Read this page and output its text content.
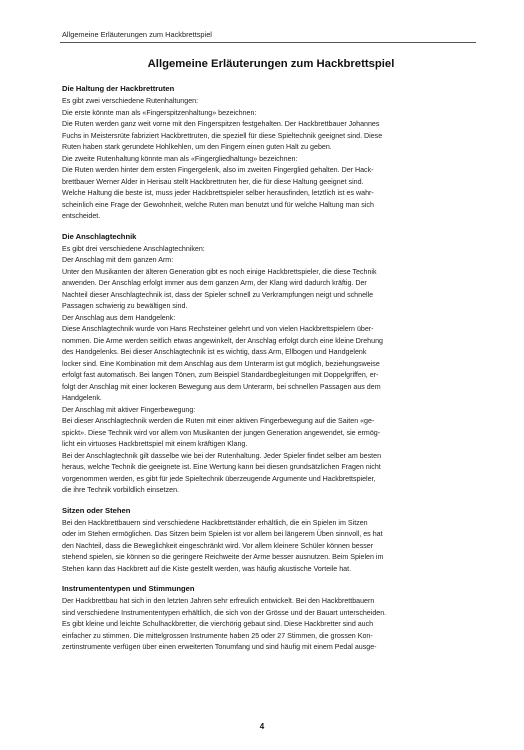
Allgemeine Erläuterungen zum Hackbrettspiel
Allgemeine Erläuterungen zum Hackbrettspiel
Die Haltung der Hackbrettruten

Es gibt zwei verschiedene Rutenhaltungen:

Die erste könnte man als «Fingerspitzenhaltung» bezeichnen:

Die Ruten werden ganz weit vorne mit den Fingerspitzen festgehalten. Der Hackbrettbauer Johannes

Fuchs in Meistersrüte fabriziert Hackbrettruten, die speziell für diese Spieltechnik geeignet sind. Diese

Ruten haben stark gerundete Hohlkehlen, um den Fingern einen guten Halt zu geben.

Die zweite Rutenhaltung könnte man als «Fingergliedhaltung» bezeichnen:

Die Ruten werden hinter dem ersten Fingergelenk, also im zweiten Fingerglied gehalten. Der Hack-

brettbauer Werner Alder in Herisau stellt Hackbrettruten her, die für diese Haltung geeignet sind.

Welche Haltung die beste ist, muss jeder Hackbrettspieler selber herausfinden, letztlich ist es wahr-

scheinlich eine Frage der Gewohnheit, welche Ruten man benutzt und für welche Haltung man sich

entscheidet.

Die Anschlagtechnik

Es gibt drei verschiedene Anschlagtechniken:

Der Anschlag mit dem ganzen Arm:

Unter den Musikanten der älteren Generation gibt es noch einige Hackbrettspieler, die diese Technik

anwenden. Der Anschlag erfolgt immer aus dem ganzen Arm, der Klang wird dadurch kräftig. Der

Nachteil dieser Anschlagtechnik ist, dass der Spieler schnell zu Verkrampfungen neigt und schnelle

Passagen schwierig zu bewältigen sind.

Der Anschlag aus dem Handgelenk:

Diese Anschlagtechnik wurde von Hans Rechsteiner gelehrt und von vielen Hackbrettspielern über-

nommen. Die Arme werden seitlich etwas angewinkelt, der Anschlag erfolgt durch eine kleine Drehung

des Handgelenks. Bei dieser Anschlagtechnik ist es wichtig, dass Arm, Ellbogen und Handgelenk

locker sind. Eine Kombination mit dem Anschlag aus dem Unterarm ist gut möglich, beziehungsweise

erfolgt fast automatisch. Bei langen Tönen, zum Beispiel Standardbegleitungen mit Doppelgriffen, er-

folgt der Anschlag mit einer lockeren Bewegung aus dem Unterarm, bei schnellen Passagen aus dem

Handgelenk.

Der Anschlag mit aktiver Fingerbewegung:

Bei dieser Anschlagtechnik werden die Ruten mit einer aktiven Fingerbewegung auf die Saiten «ge-

spickt». Diese Technik wird vor allem von Musikanten der jungen Generation angewendet, sie ermög-

licht ein virtuoses Hackbrettspiel mit einem kräftigen Klang.

Bei der Anschlagtechnik gilt dasselbe wie bei der Rutenhaltung. Jeder Spieler findet selber am besten

heraus, welche Technik die geeignete ist. Eine Wertung kann bei diesen grundsätzlichen Fragen nicht

vorgenommen werden, es gibt für jede Spieltechnik überzeugende Argumente und Hackbrettspieler,

die ihre Technik vorbildlich einsetzen.

Sitzen oder Stehen

Bei den Hackbrettbauern sind verschiedene Hackbrettständer erhältlich, die ein Spielen im Sitzen

oder im Stehen ermöglichen. Das Sitzen beim Spielen ist vor allem bei längerem Üben sinnvoll, es hat

den Nachteil, dass die Beweglichkeit eingeschränkt wird. Vor allem kleinere Schüler können besser

stehend spielen, sie können so die geringere Reichweite der Arme besser ausnutzen. Beim Spielen im

Stehen kann das Hackbrett auf die Kiste gestellt werden, was häufig akustische Vorteile hat.

Instrumententypen und Stimmungen

Der Hackbrettbau hat sich in den letzten Jahren sehr erfreulich entwickelt. Bei den Hackbrettbauern

sind verschiedene Instrumententypen erhältlich, die sich von der Grösse und der Bauart unterscheiden.

Es gibt kleine und leichte Schulhackbretter, die vierchörig gebaut sind. Diese Hackbretter sind auch

einfacher zu stimmen. Die mittelgrossen Instrumente haben 25 oder 27 Stimmen, die grossen Kon-

zertinstrumente verfügen über einen erweiterten Tonumfang und sind häufig mit einem Pedal ausge-

4
